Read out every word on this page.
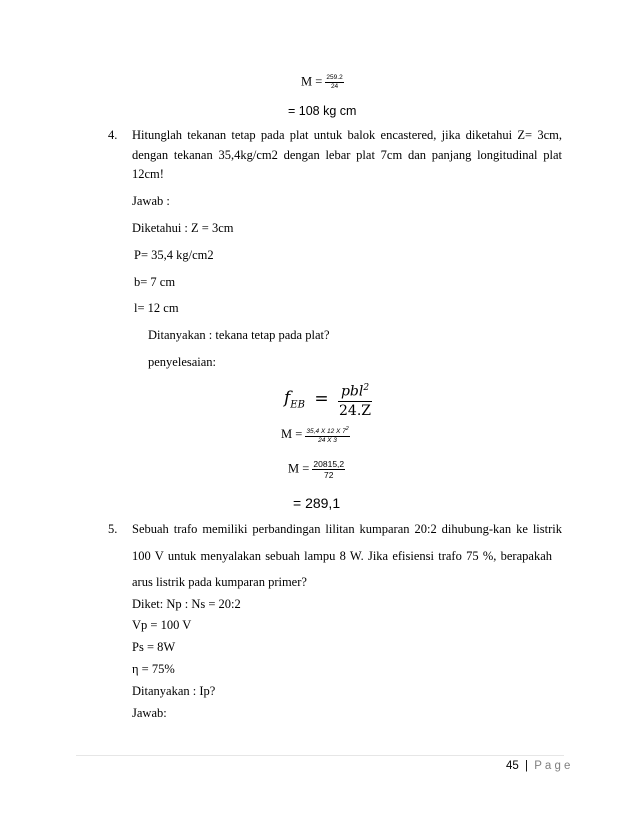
$M = \frac{259.2}{24}$
= 108 kg cm
4. Hitunglah tekanan tetap pada plat untuk balok encastered, jika diketahui Z= 3cm,
dengan tekanan 35,4kg/cm2 dengan lebar plat 7cm dan panjang longitudinal plat
12cm!
Jawab :
Diketahui : Z = 3cm
P= 35,4 kg/cm2
b= 7 cm
l= 12 cm
Ditanyakan : tekana tetap pada plat?
penyelesaian:
$f_{EB} = \frac{pbl^2}{24.Z}$
$M = \frac{35,4 X 12 X 7^2}{24 X 3}$
$M = \frac{20815,2}{72}$
= 289,1
5. Sebuah trafo memiliki perbandingan lilitan kumparan 20:2 dihubung-kan ke listrik
100 V untuk menyalakan sebuah lampu 8 W. Jika efisiensi trafo 75 %, berapakah
arus listrik pada kumparan primer?
Diket: Np : Ns = 20:2
Vp = 100 V
Ps = 8W
η = 75%
Ditanyakan : Ip?
Jawab:
45 | P a g e
